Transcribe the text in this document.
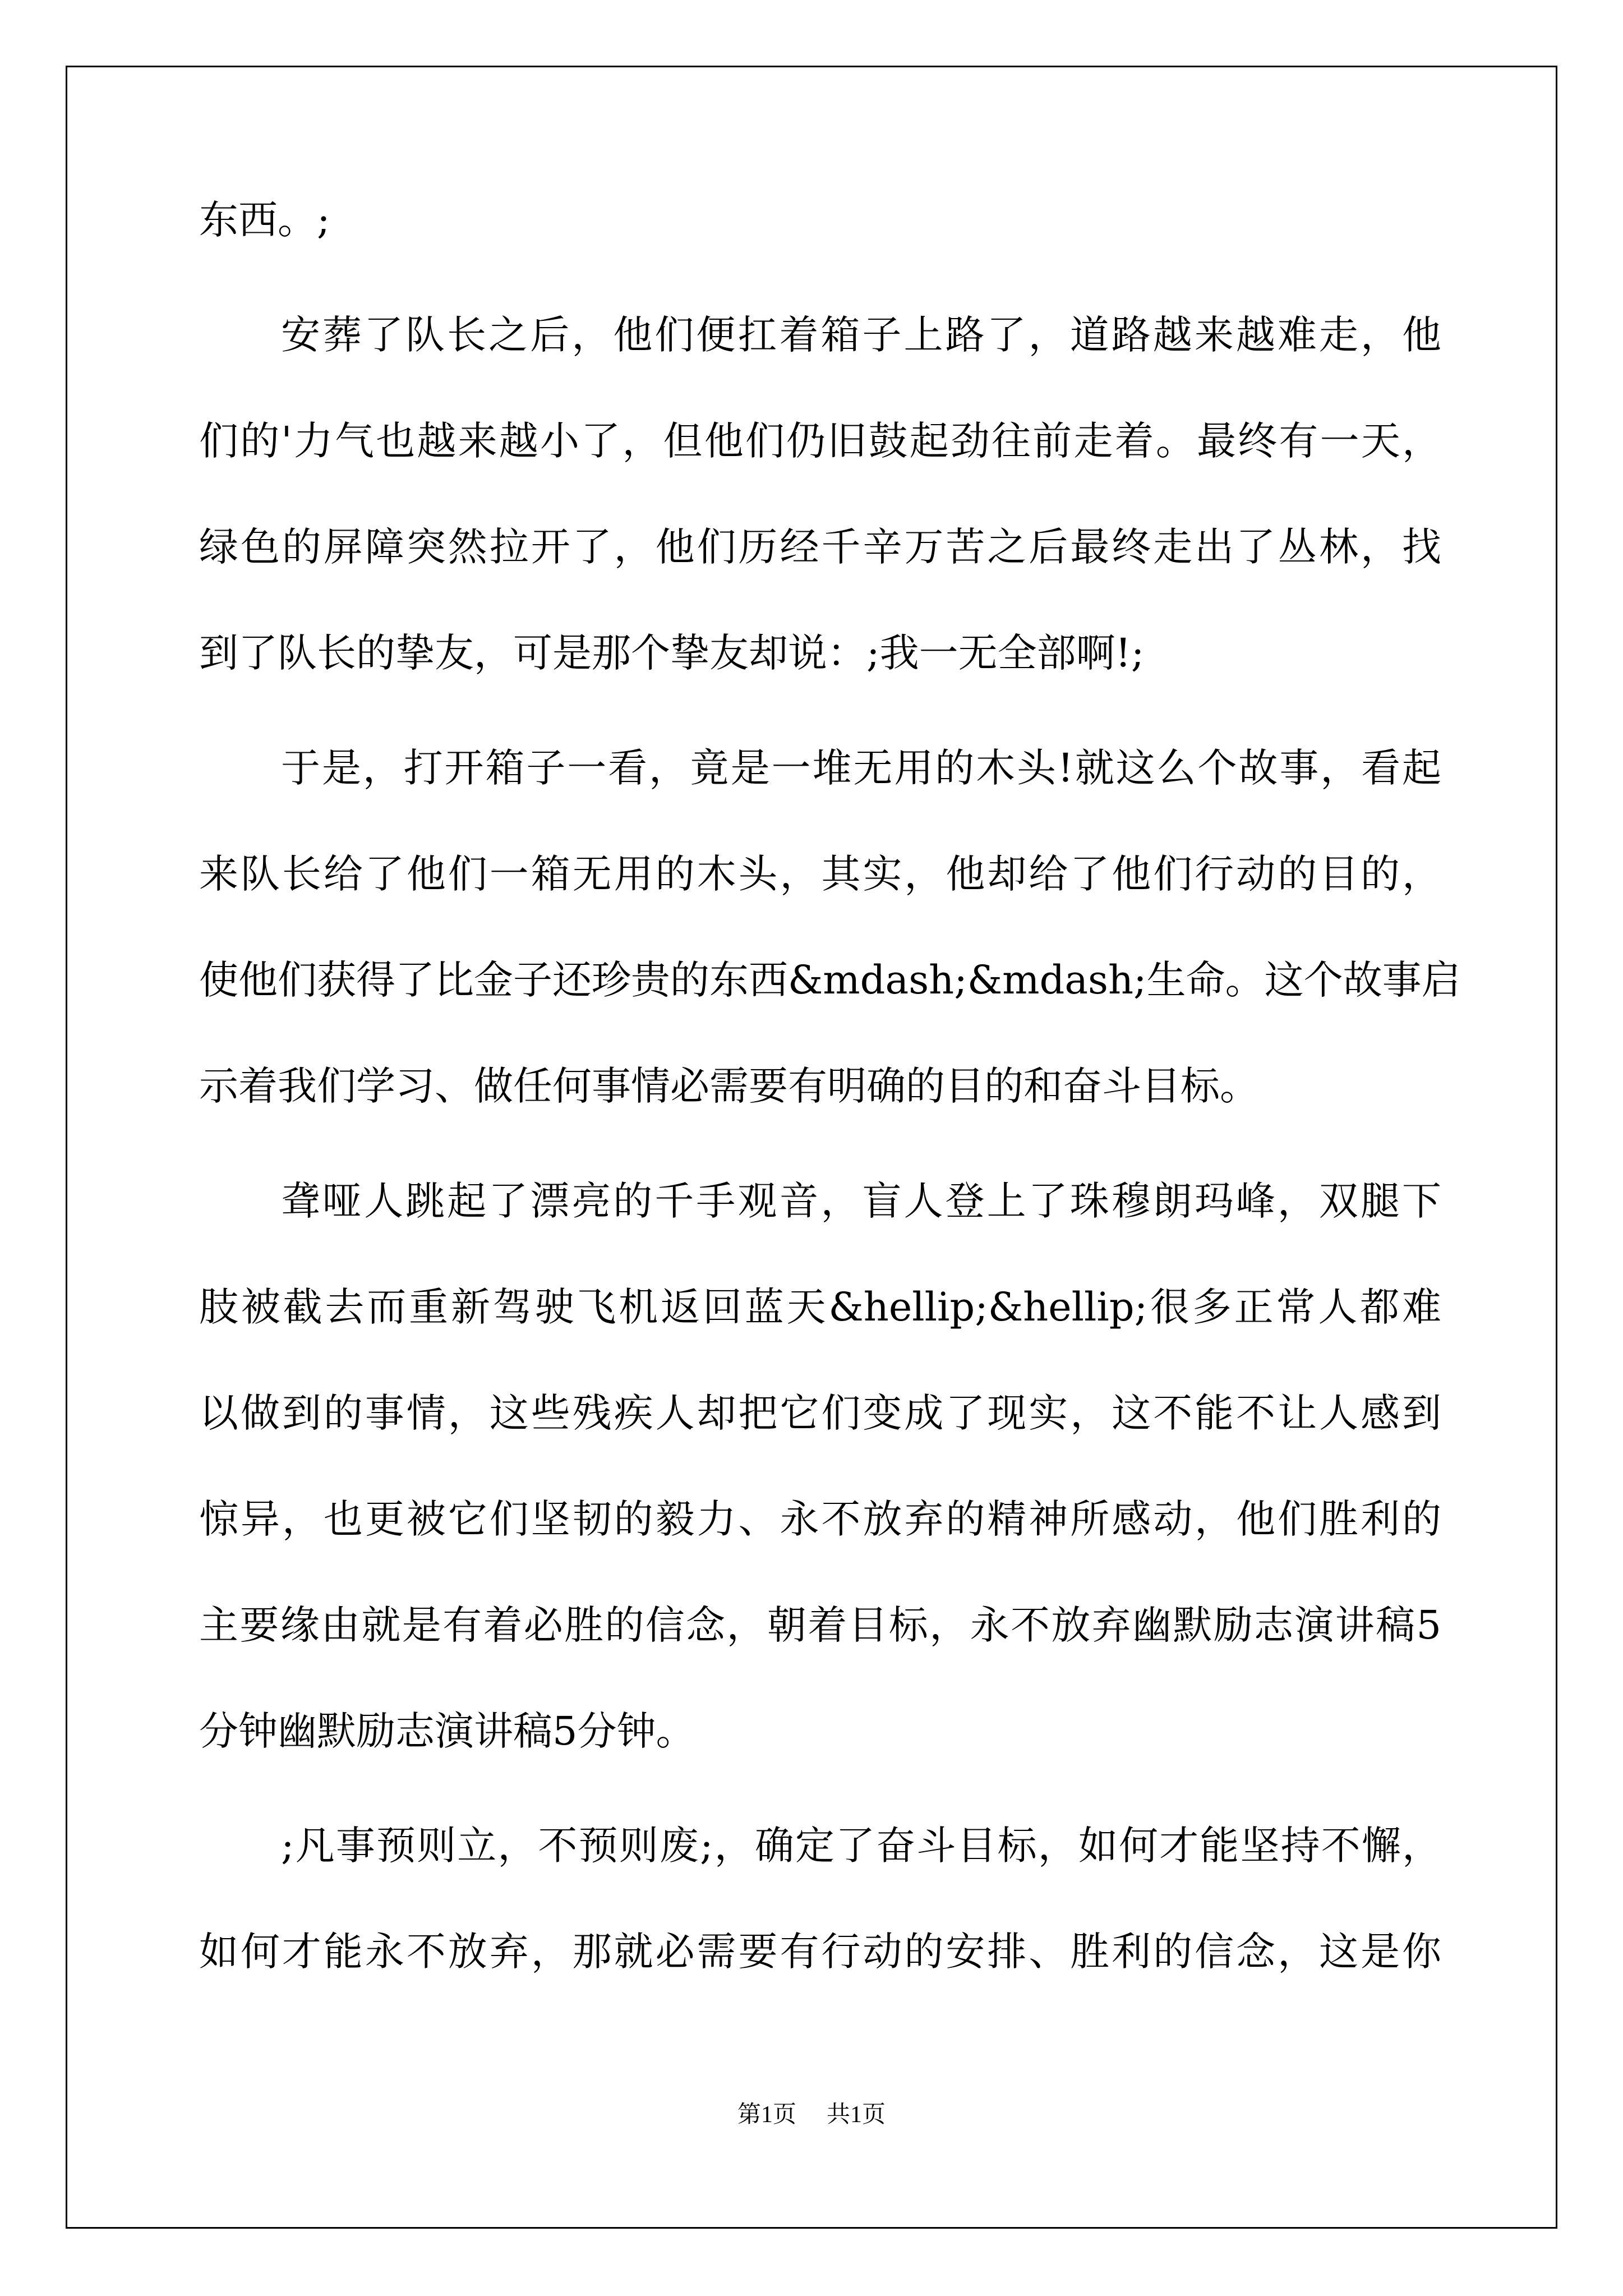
东西。;
安葬了队长之后，他们便扛着箱子上路了，道路越来越难走，他
们的'力气也越来越小了，但他们仍旧鼓起劲往前走着。最终有一天，
绿色的屏障突然拉开了，他们历经千辛万苦之后最终走出了丛林，找
到了队长的挚友，可是那个挚友却说：;我一无全部啊!;
于是，打开箱子一看，竟是一堆无用的木头!就这么个故事，看起
来队长给了他们一箱无用的木头，其实，他却给了他们行动的目的，
使他们获得了比金子还珍贵的东西&mdash;&mdash;生命。这个故事启
示着我们学习、做任何事情必需要有明确的目的和奋斗目标。
聋哑人跳起了漂亮的千手观音，盲人登上了珠穆朗玛峰，双腿下
肢被截去而重新驾驶飞机返回蓝天&hellip;&hellip;很多正常人都难
以做到的事情，这些残疾人却把它们变成了现实，这不能不让人感到
惊异，也更被它们坚韧的毅力、永不放弃的精神所感动，他们胜利的
主要缘由就是有着必胜的信念，朝着目标，永不放弃幽默励志演讲稿5
分钟幽默励志演讲稿5分钟。
;凡事预则立，不预则废;，确定了奋斗目标，如何才能坚持不懈，
如何才能永不放弃，那就必需要有行动的安排、胜利的信念，这是你
第1页 共1页
